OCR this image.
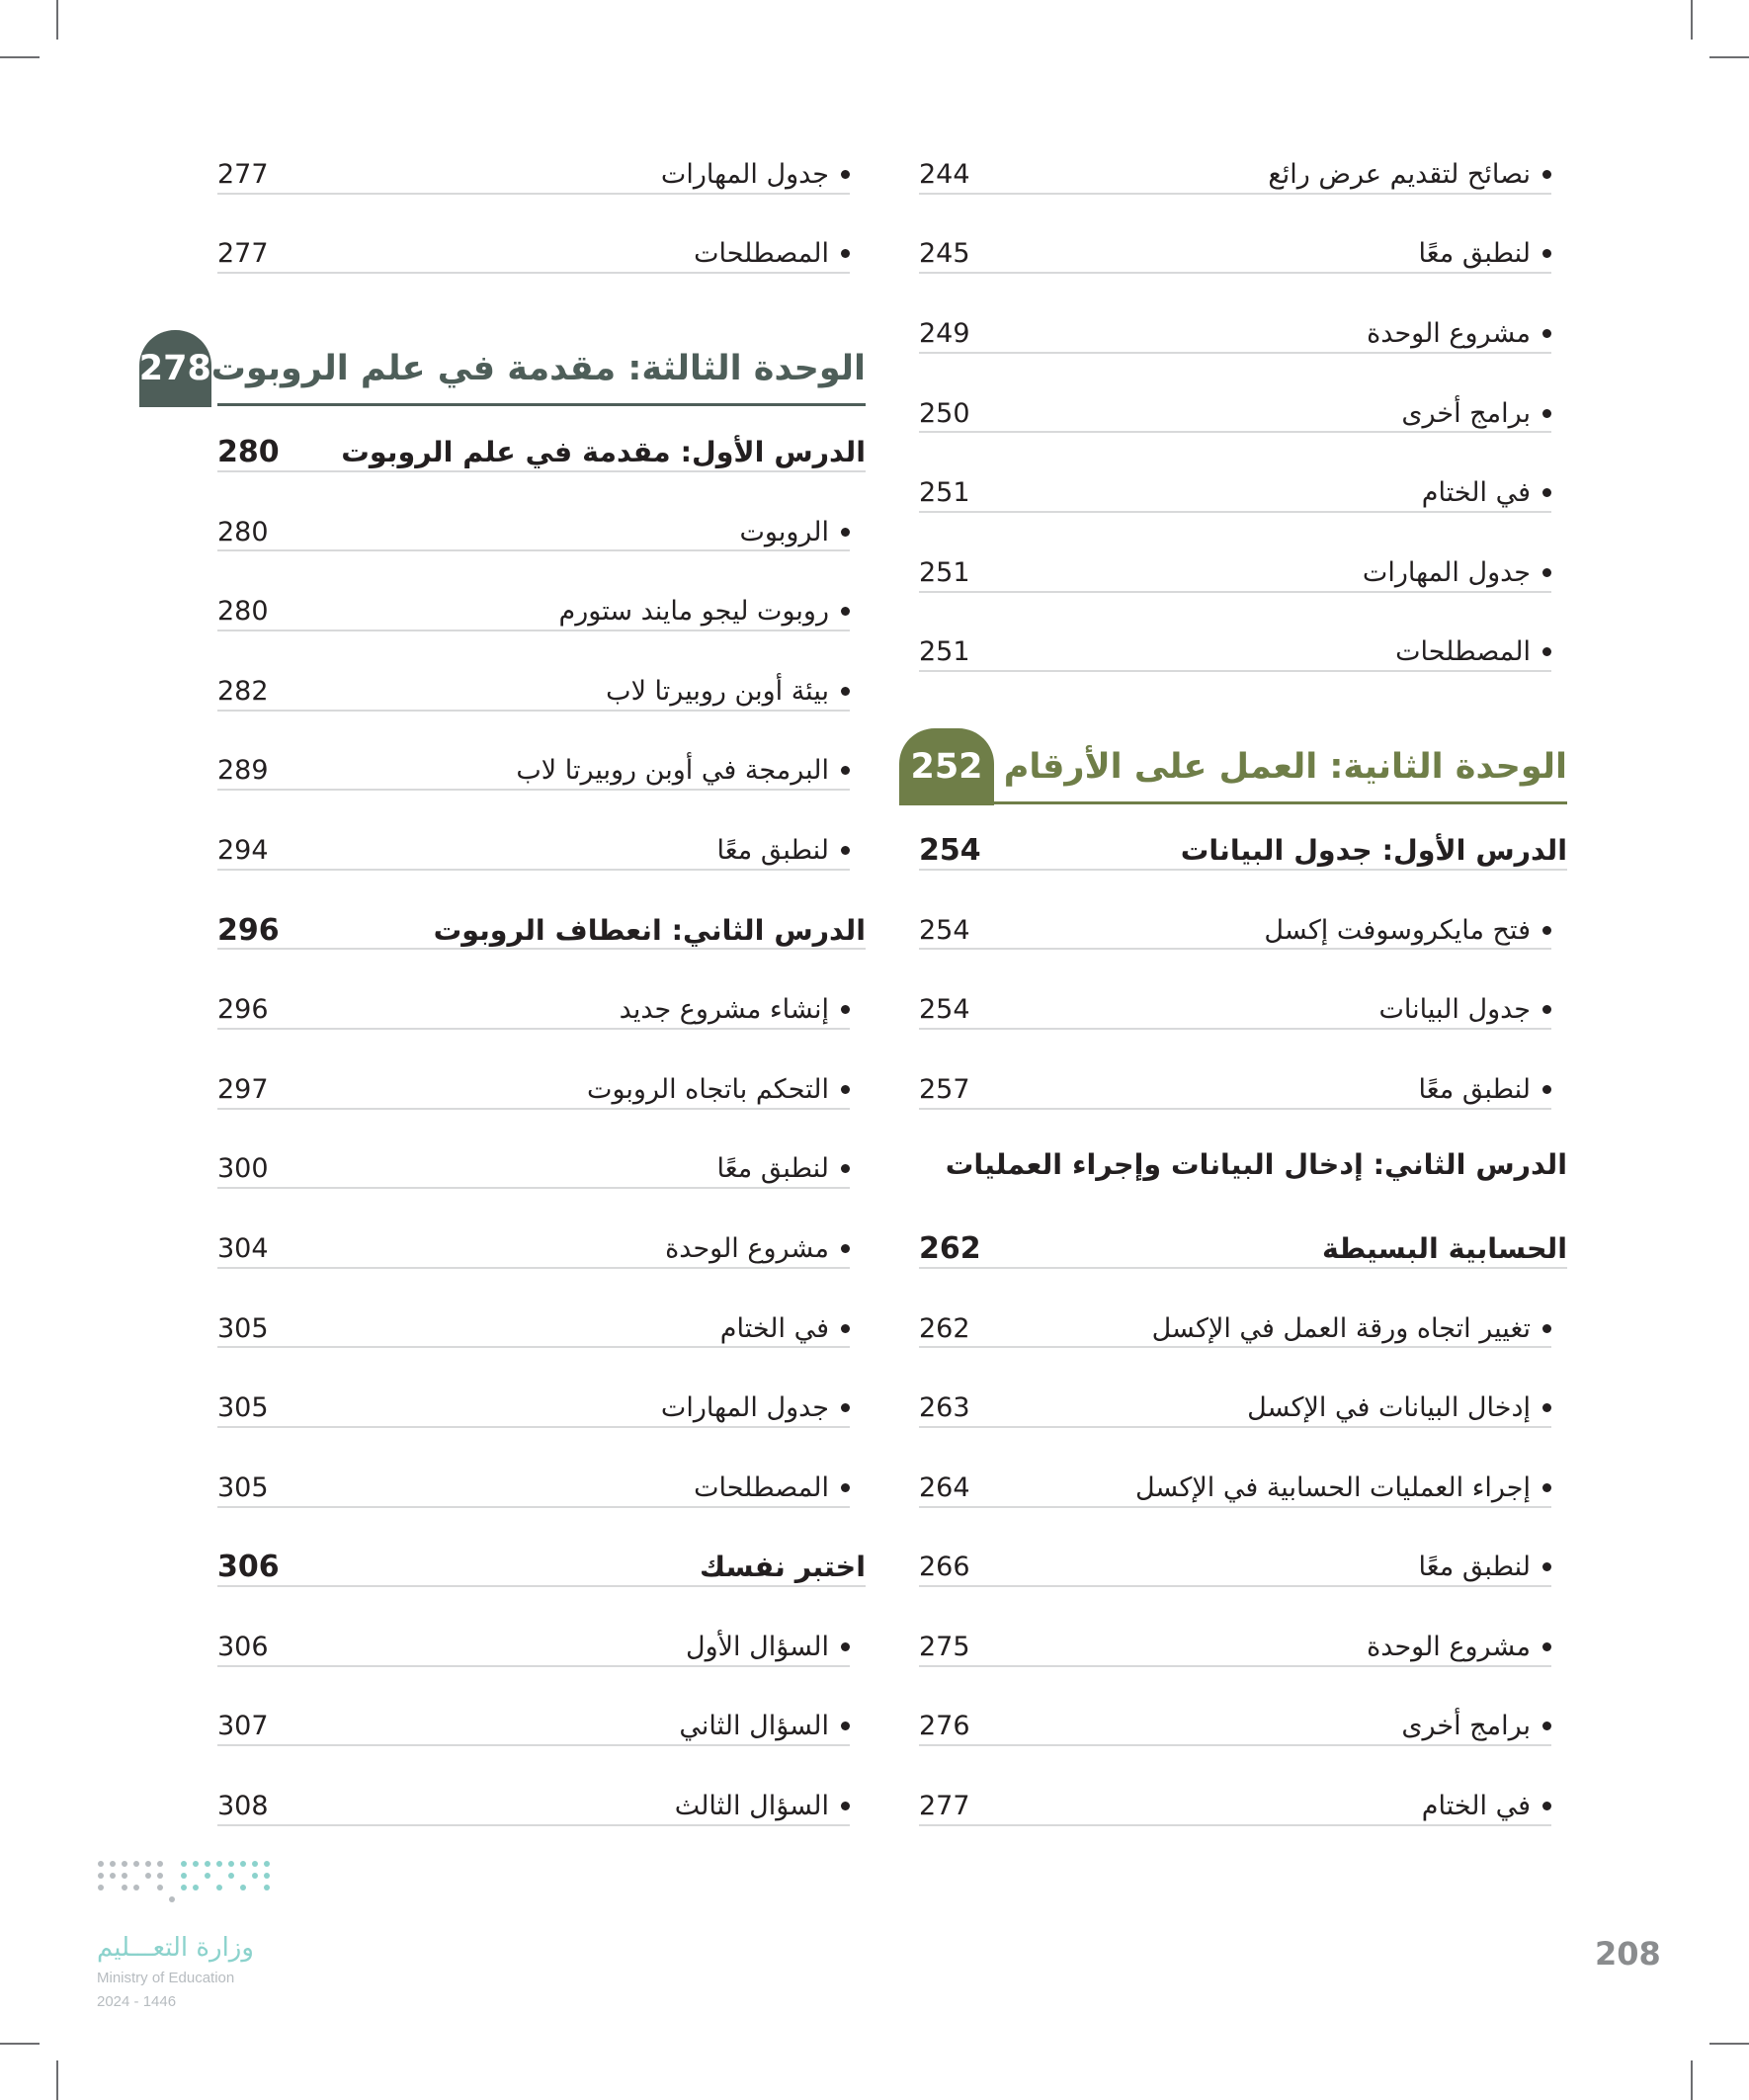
نصائح لتقديم عرض رائع
244
لنطبق معًا
245
مشروع الوحدة
249
برامج أخرى
250
في الختام
251
جدول المهارات
251
المصطلحات
251
الوحدة الثانية: العمل على الأرقام
252
الدرس الأول: جدول البيانات
254
فتح مايكروسوفت إكسل
254
جدول البيانات
254
لنطبق معًا
257
الدرس الثاني: إدخال البيانات وإجراء العمليات
الحسابية البسيطة
262
تغيير اتجاه ورقة العمل في الإكسل
262
إدخال البيانات في الإكسل
263
إجراء العمليات الحسابية في الإكسل
264
لنطبق معًا
266
مشروع الوحدة
275
برامج أخرى
276
في الختام
277
جدول المهارات
277
المصطلحات
277
الوحدة الثالثة: مقدمة في علم الروبوت
278
الدرس الأول: مقدمة في علم الروبوت
280
الروبوت
280
روبوت ليجو مايند ستورم
280
بيئة أوبن روبيرتا لاب
282
البرمجة في أوبن روبيرتا لاب
289
لنطبق معًا
294
الدرس الثاني: انعطاف الروبوت
296
إنشاء مشروع جديد
296
التحكم باتجاه الروبوت
297
لنطبق معًا
300
مشروع الوحدة
304
في الختام
305
جدول المهارات
305
المصطلحات
305
اختبر نفسك
306
السؤال الأول
306
السؤال الثاني
307
السؤال الثالث
308
208
وزارة التعـــليم
Ministry of Education
2024 - 1446
